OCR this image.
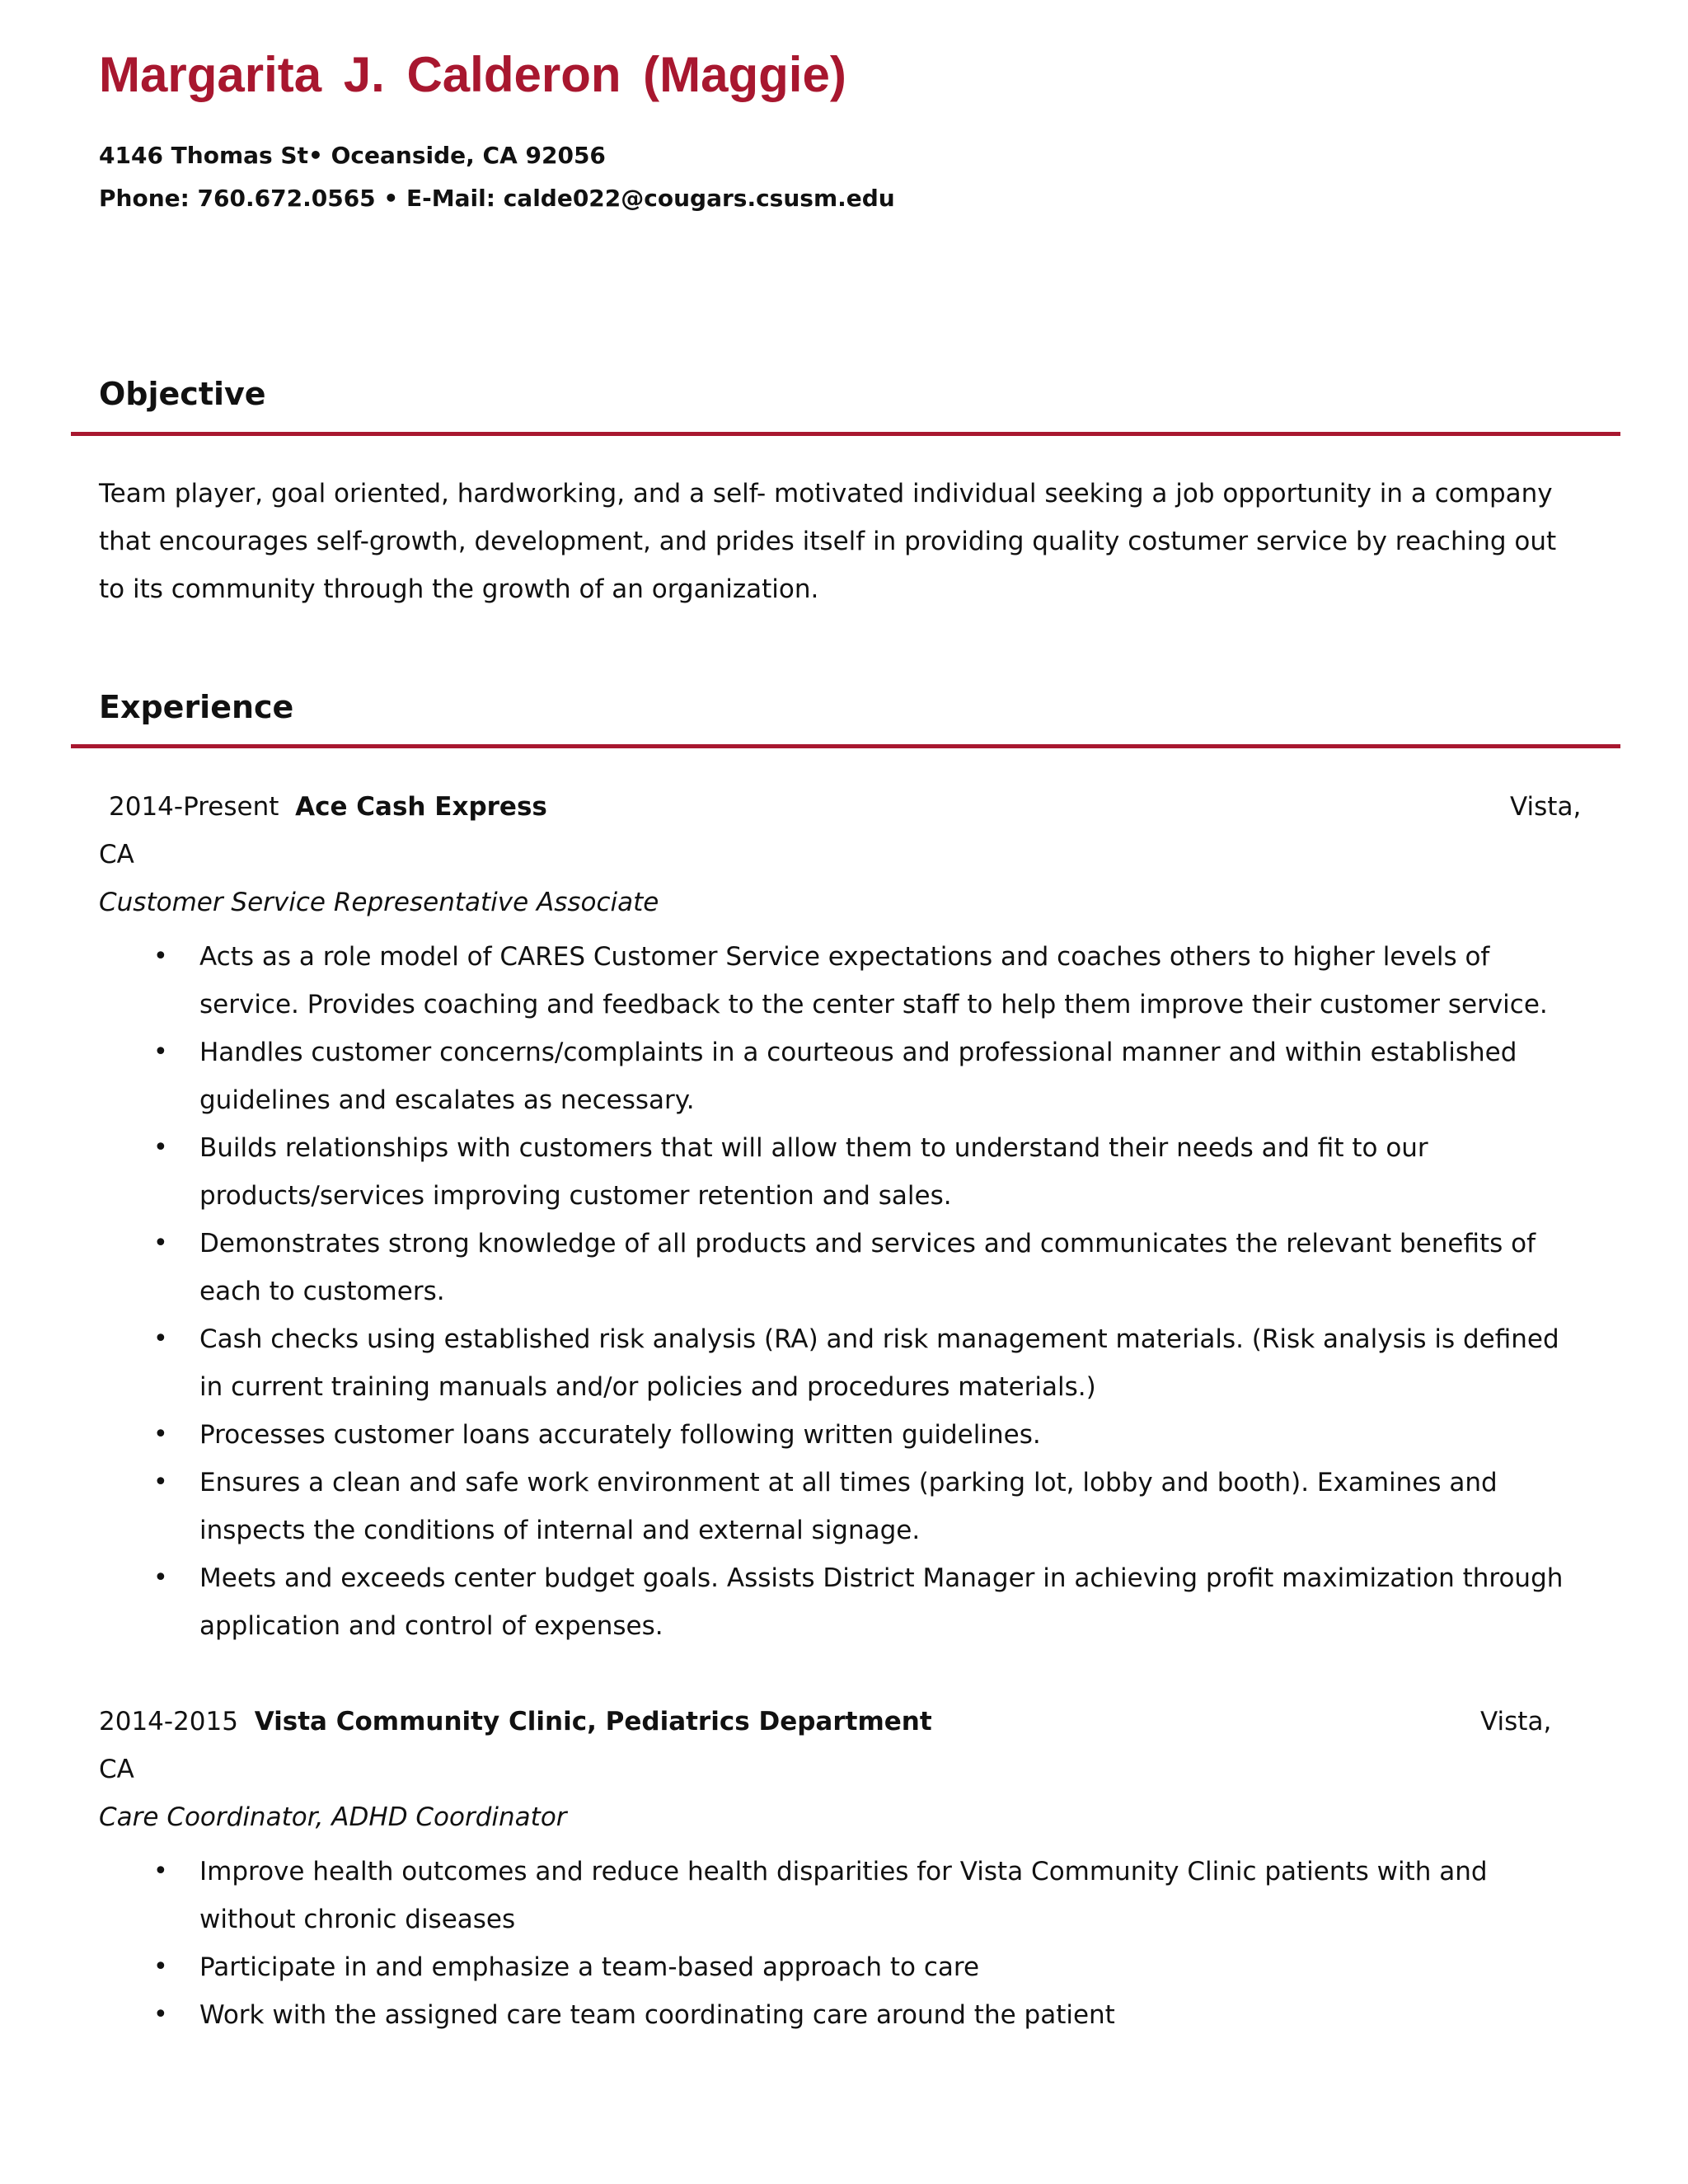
Margarita J. Calderon (Maggie)
4146 Thomas St• Oceanside, CA 92056
Phone: 760.672.0565 • E-Mail: calde022@cougars.csusm.edu
Objective
Team player, goal oriented, hardworking, and a self- motivated individual seeking a job opportunity in a company that encourages self-growth, development, and prides itself in providing quality costumer service by reaching out to its community through the growth of an organization.
Experience
2014-Present Ace Cash Express	Vista,
CA
Customer Service Representative Associate
• Acts as a role model of CARES Customer Service expectations and coaches others to higher levels of service. Provides coaching and feedback to the center staff to help them improve their customer service.
• Handles customer concerns/complaints in a courteous and professional manner and within established guidelines and escalates as necessary.
• Builds relationships with customers that will allow them to understand their needs and fit to our products/services improving customer retention and sales.
• Demonstrates strong knowledge of all products and services and communicates the relevant benefits of each to customers.
• Cash checks using established risk analysis (RA) and risk management materials. (Risk analysis is defined in current training manuals and/or policies and procedures materials.)
• Processes customer loans accurately following written guidelines.
• Ensures a clean and safe work environment at all times (parking lot, lobby and booth). Examines and inspects the conditions of internal and external signage.
• Meets and exceeds center budget goals. Assists District Manager in achieving profit maximization through application and control of expenses.
2014-2015 Vista Community Clinic, Pediatrics Department	Vista,
CA
Care Coordinator, ADHD Coordinator
• Improve health outcomes and reduce health disparities for Vista Community Clinic patients with and without chronic diseases
• Participate in and emphasize a team-based approach to care
• Work with the assigned care team coordinating care around the patient
